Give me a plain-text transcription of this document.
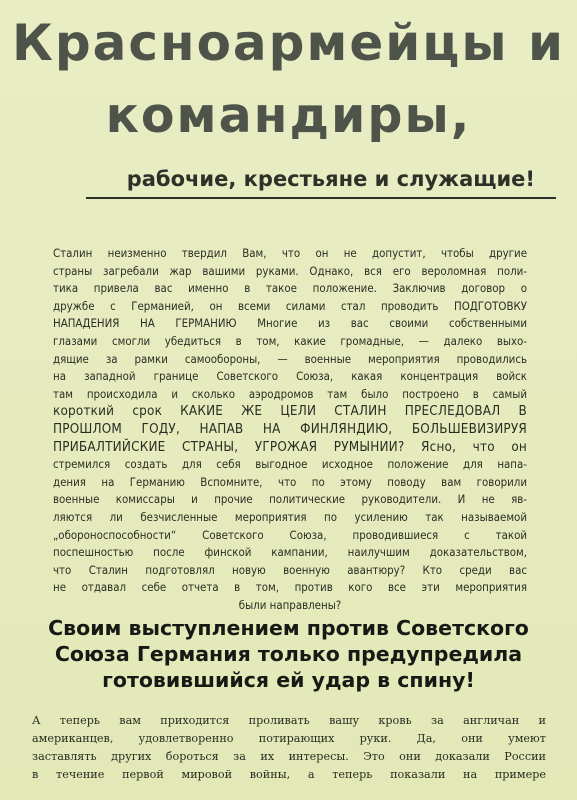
Красноармейцы и
командиры,
рабочие, крестьяне и служащие!
Сталин неизменно твердил Вам, что он не допустит, чтобы другие
страны загребали жар вашими руками. Однако, вся его вероломная поли-
тика привела вас именно в такое положение. Заключив договор о
дружбе с Германией, он всеми силами стал проводить ПОДГОТОВКУ
НАПАДЕНИЯ НА ГЕРМАНИЮ Многие из вас своими собственными
глазами смогли убедиться в том, какие громадные, — далеко выхо-
дящие за рамки самообороны, — военные мероприятия проводились
на западной границе Советского Союза, какая концентрация войск
там происходила и сколько аэродромов там было построено в самый
короткий срок КАКИЕ ЖЕ ЦЕЛИ СТАЛИН ПРЕСЛЕДОВАЛ В
ПРОШЛОМ ГОДУ, НАПАВ НА ФИНЛЯНДИЮ, БОЛЬШЕВИЗИРУЯ
ПРИБАЛТИЙСКИЕ СТРАНЫ, УГРОЖАЯ РУМЫНИИ? Ясно, что он
стремился создать для себя выгодное исходное положение для напа-
дения на Германию Вспомните, что по этому поводу вам говорили
военные комиссары и прочие политические руководители. И не яв-
ляются ли безчисленные мероприятия по усилению так называемой
„обороноспособности“ Советского Союза, проводившиеся с такой
поспешностью после финской кампании, наилучшим доказательством,
что Сталин подготовлял новую военную авантюру? Кто среди вас
не отдавал себе отчета в том, против кого все эти мероприятия
были направлены?
Своим выступлением против Советского
Союза Германия только предупредила
готовившийся ей удар в спину!
А теперь вам приходится проливать вашу кровь за англичан и
американцев, удовлетворенно потирающих руки. Да, они умеют
заставлять других бороться за их интересы. Это они доказали России
в течение первой мировой войны, а теперь показали на примере
